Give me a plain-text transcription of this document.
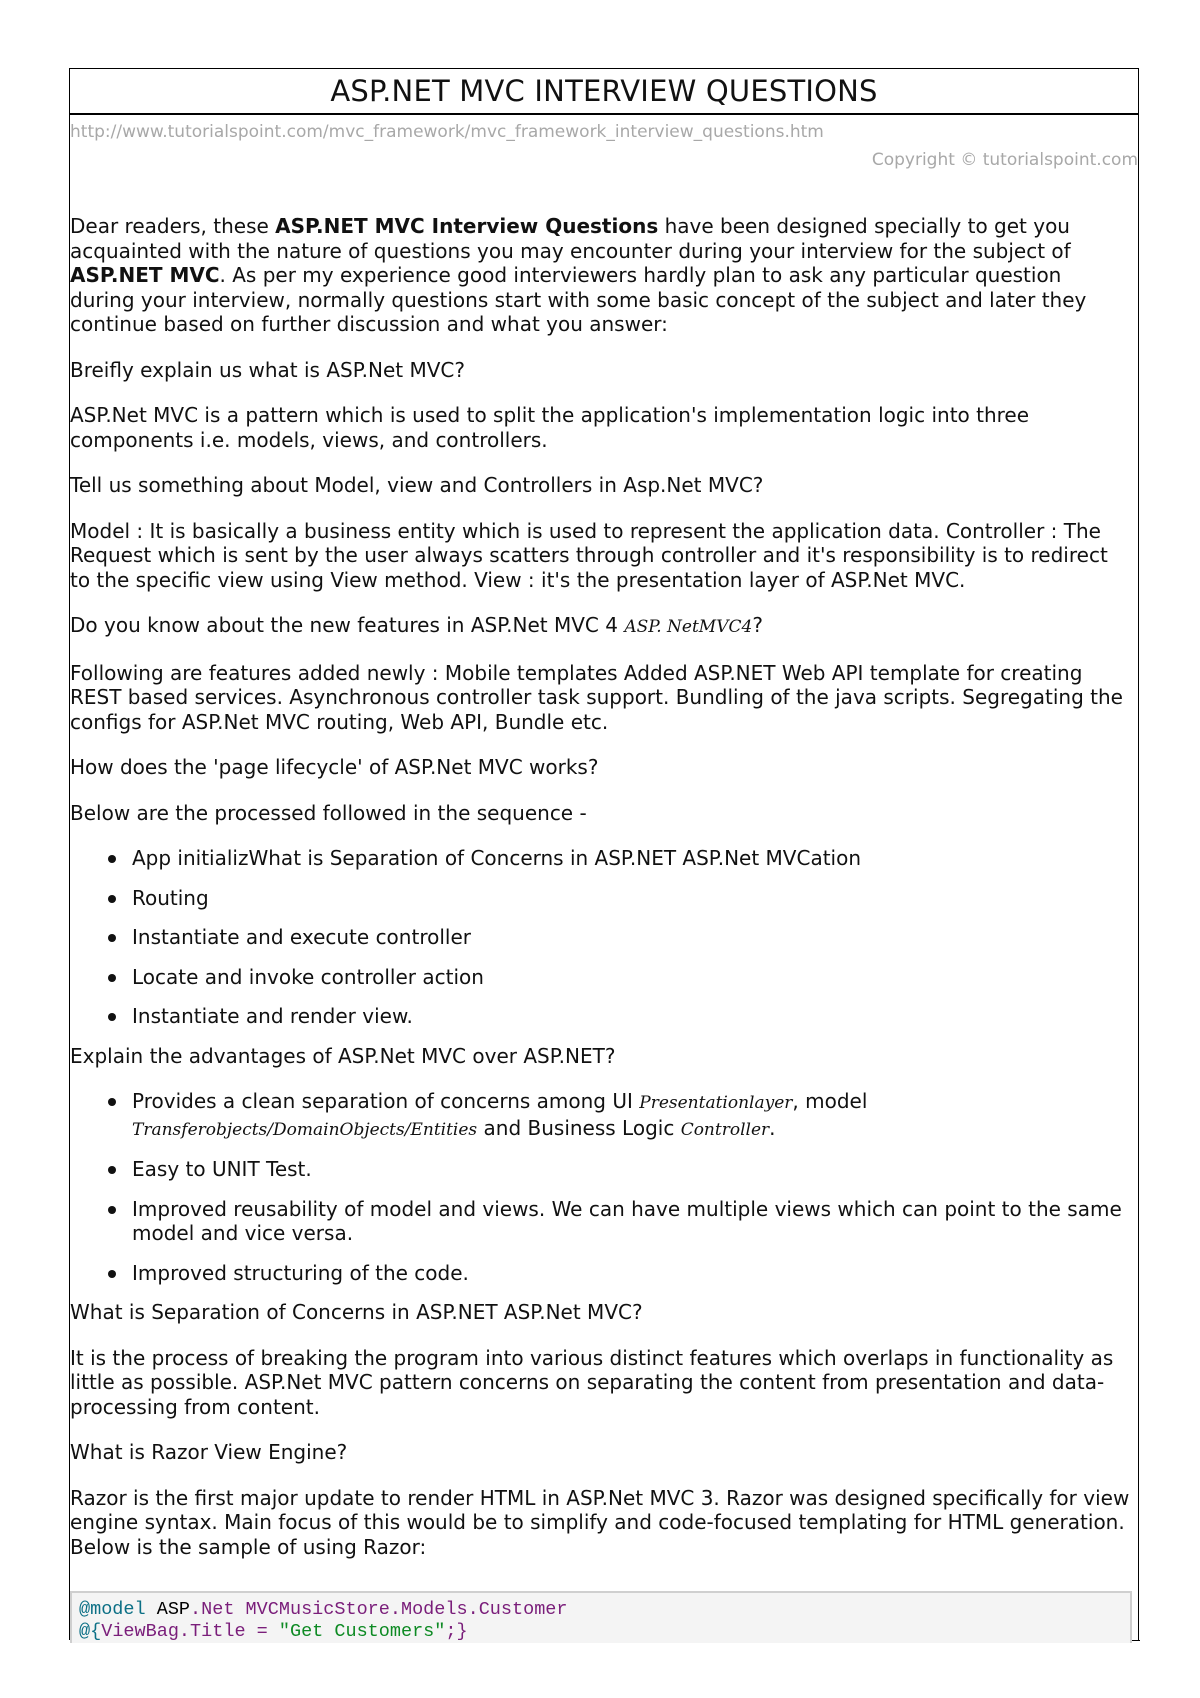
ASP.NET MVC INTERVIEW QUESTIONS
http://www.tutorialspoint.com/mvc_framework/mvc_framework_interview_questions.htm
Copyright © tutorialspoint.com

Dear readers, these ASP.NET MVC Interview Questions have been designed specially to get you acquainted with the nature of questions you may encounter during your interview for the subject of ASP.NET MVC. As per my experience good interviewers hardly plan to ask any particular question during your interview, normally questions start with some basic concept of the subject and later they continue based on further discussion and what you answer:

Breifly explain us what is ASP.Net MVC?

ASP.Net MVC is a pattern which is used to split the application's implementation logic into three components i.e. models, views, and controllers.

Tell us something about Model, view and Controllers in Asp.Net MVC?

Model : It is basically a business entity which is used to represent the application data. Controller : The Request which is sent by the user always scatters through controller and it's responsibility is to redirect to the specific view using View method. View : it's the presentation layer of ASP.Net MVC.

Do you know about the new features in ASP.Net MVC 4 ASP. NetMVC4?

Following are features added newly : Mobile templates Added ASP.NET Web API template for creating REST based services. Asynchronous controller task support. Bundling of the java scripts. Segregating the configs for ASP.Net MVC routing, Web API, Bundle etc.

How does the 'page lifecycle' of ASP.Net MVC works?

Below are the processed followed in the sequence -

App initializWhat is Separation of Concerns in ASP.NET ASP.Net MVCation
Routing
Instantiate and execute controller
Locate and invoke controller action
Instantiate and render view.

Explain the advantages of ASP.Net MVC over ASP.NET?

Provides a clean separation of concerns among UI Presentationlayer, model Transferobjects/DomainObjects/Entities and Business Logic Controller.
Easy to UNIT Test.
Improved reusability of model and views. We can have multiple views which can point to the same model and vice versa.
Improved structuring of the code.

What is Separation of Concerns in ASP.NET ASP.Net MVC?

It is the process of breaking the program into various distinct features which overlaps in functionality as little as possible. ASP.Net MVC pattern concerns on separating the content from presentation and data-processing from content.

What is Razor View Engine?

Razor is the first major update to render HTML in ASP.Net MVC 3. Razor was designed specifically for view engine syntax. Main focus of this would be to simplify and code-focused templating for HTML generation. Below is the sample of using Razor:

@model ASP.Net MVCMusicStore.Models.Customer
@{ViewBag.Title = "Get Customers";}
